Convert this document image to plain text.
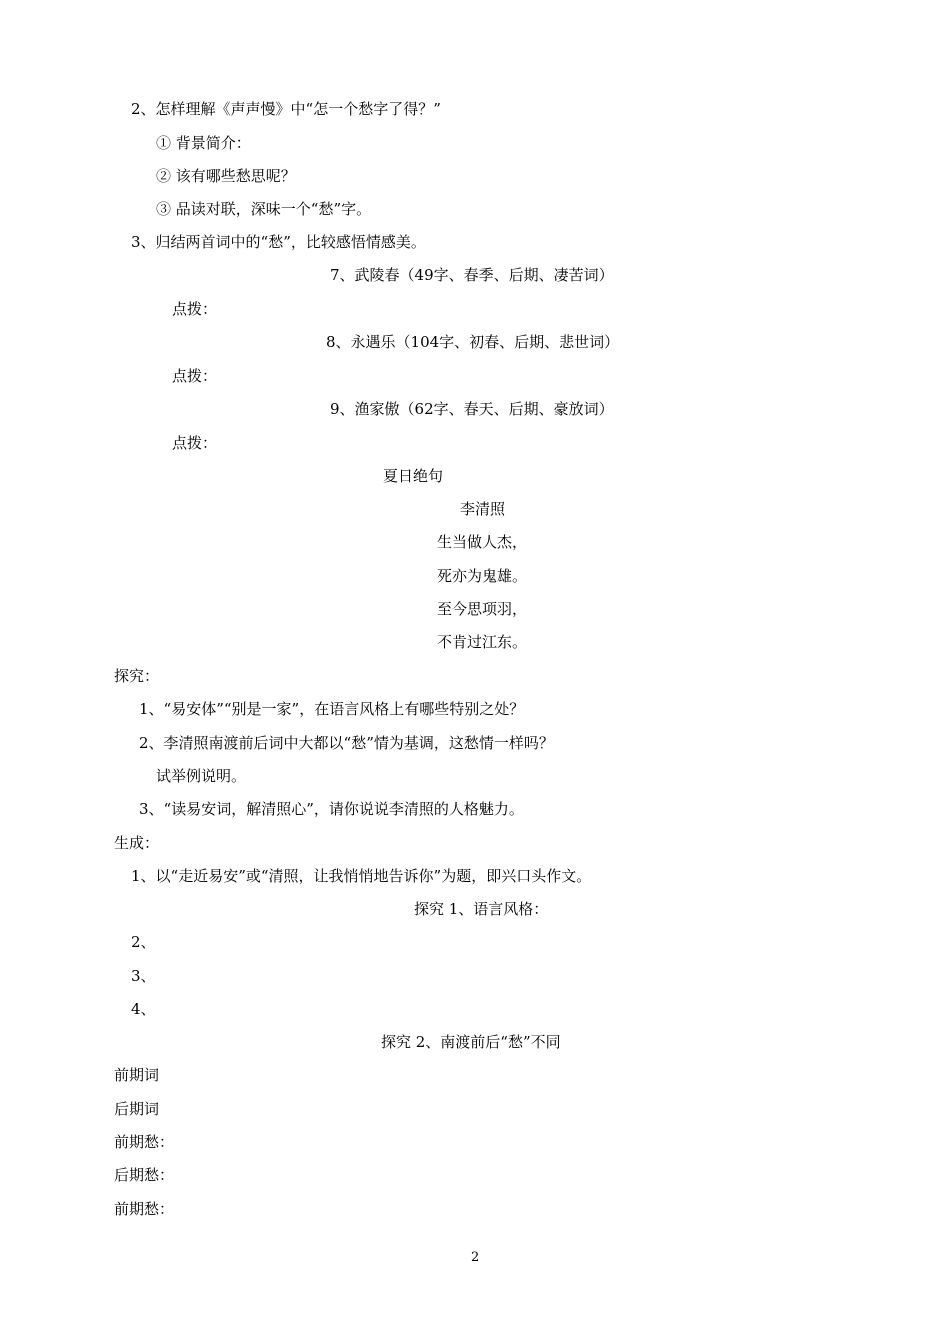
2、怎样理解《声声慢》中“怎一个愁字了得？”
① 背景简介：
② 该有哪些愁思呢？
③ 品读对联，深味一个“愁”字。
3、归结两首词中的“愁”，比较感悟情感美。
7、武陵春（49字、春季、后期、凄苦词）
点拨：
8、永遇乐（104字、初春、后期、悲世词）
点拨：
9、渔家傲（62字、春天、后期、豪放词）
点拨：
夏日绝句
李清照
生当做人杰，
死亦为鬼雄。
至今思项羽，
不肯过江东。
探究：
1、“易安体”“别是一家”，在语言风格上有哪些特别之处？
2、李清照南渡前后词中大都以“愁”情为基调，这愁情一样吗？
试举例说明。
3、“读易安词，解清照心”，请你说说李清照的人格魅力。
生成：
1、以“走近易安”或“清照，让我悄悄地告诉你”为题，即兴口头作文。
探究 1、语言风格：
2、
3、
4、
探究 2、南渡前后“愁”不同
前期词
后期词
前期愁：
后期愁：
前期愁：
2
